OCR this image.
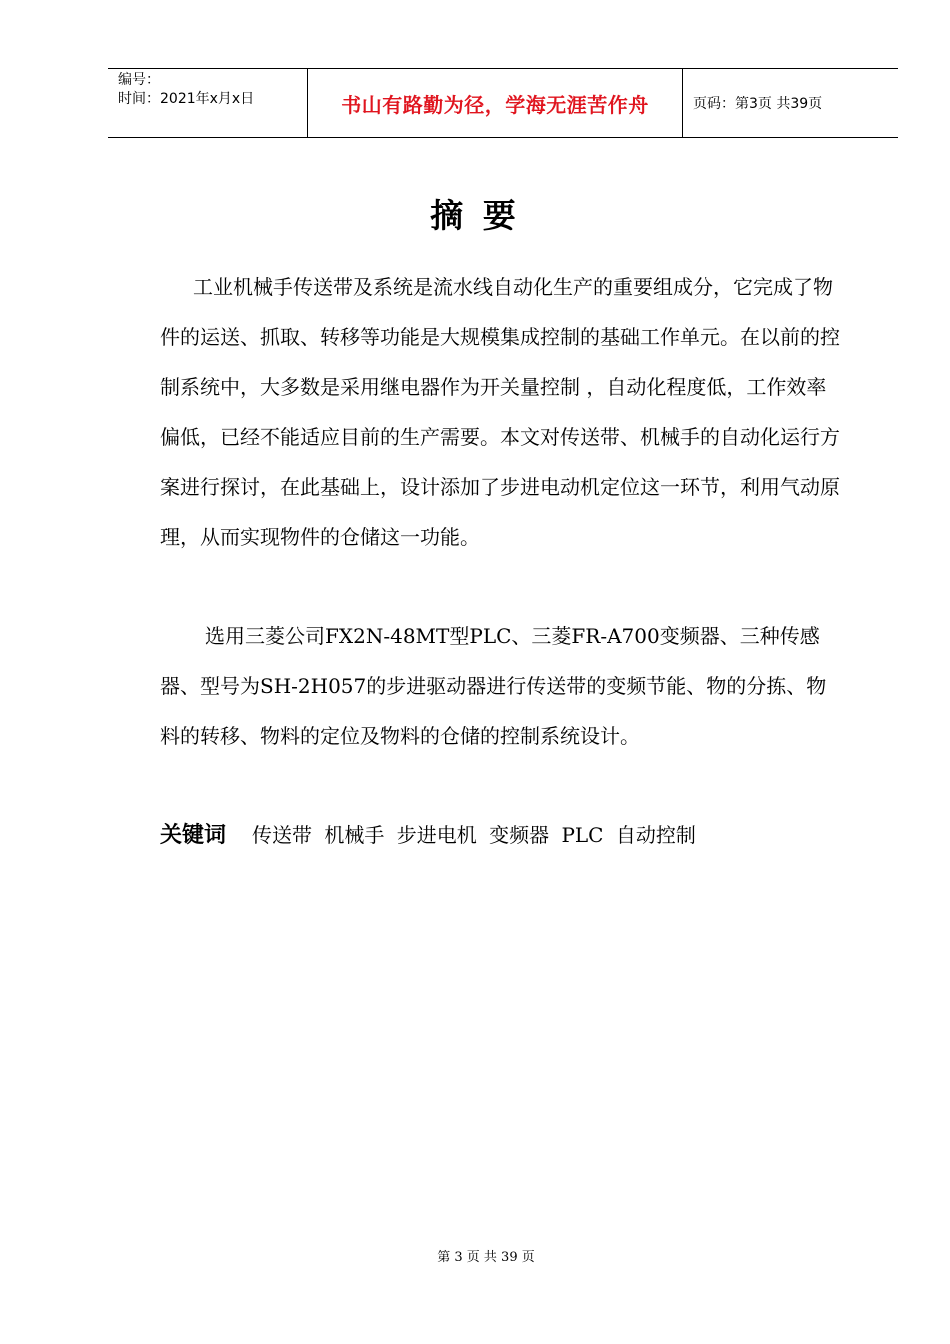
编号：
时间：2021年x月x日	书山有路勤为径，学海无涯苦作舟	页码：第3页 共39页
摘 要

工业机械手传送带及系统是流水线自动化生产的重要组成分，它完成了物件的运送、抓取、转移等功能是大规模集成控制的基础工作单元。在以前的控制系统中，大多数是采用继电器作为开关量控制 ，自动化程度低，工作效率偏低，已经不能适应目前的生产需要。本文对传送带、机械手的自动化运行方案进行探讨，在此基础上，设计添加了步进电动机定位这一环节，利用气动原理，从而实现物件的仓储这一功能。

选用三菱公司FX2N-48MT型PLC、三菱FR-A700变频器、三种传感器、型号为SH-2H057的步进驱动器进行传送带的变频节能、物的分拣、物料的转移、物料的定位及物料的仓储的控制系统设计。

关键词 传送带 机械手 步进电机 变频器 PLC 自动控制
第 3 页 共 39 页
